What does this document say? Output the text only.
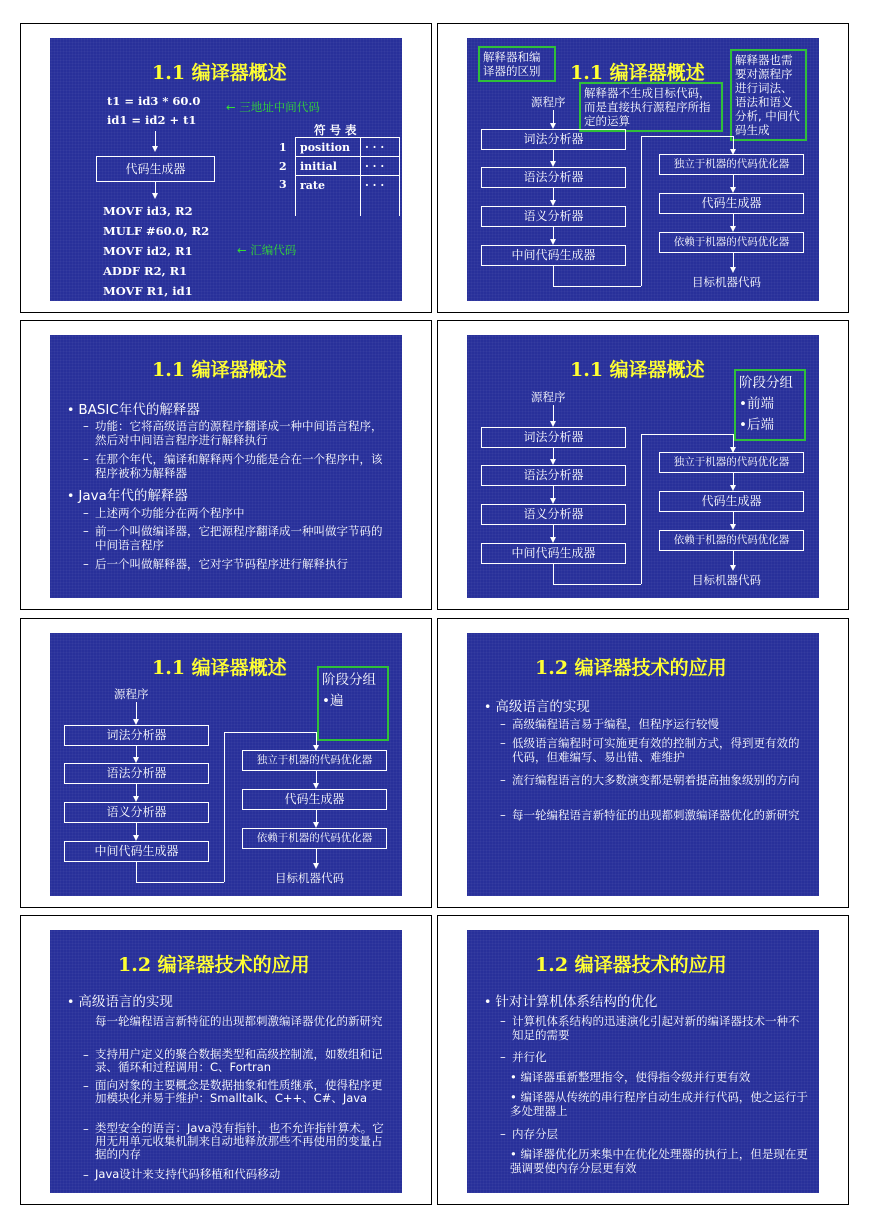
1.1 编译器概述
t1 = id3 * 60.0
id1 = id2 + t1
← 三地址中间代码
代码生成器
符 号 表
1	position	· · ·
2	initial	· · ·
3	rate	· · ·

MOVF id3, R2
MULF #60.0, R2
MOVF id2, R1
ADDF R2, R1
MOVF R1, id1
← 汇编代码
1.1 编译器概述
解释器和编译器的区别
解释器不生成目标代码，而是直接执行源程序所指定的运算
解释器也需要对源程序进行词法、语法和语义分析, 中间代码生成
源程序
词法分析器
语法分析器
语义分析器
中间代码生成器
独立于机器的代码优化器
代码生成器
依赖于机器的代码优化器
目标机器代码
1.1 编译器概述
• BASIC年代的解释器
– 功能：它将高级语言的源程序翻译成一种中间语言程序，然后对中间语言程序进行解释执行
– 在那个年代，编译和解释两个功能是合在一个程序中，该程序被称为解释器
• Java年代的解释器
– 上述两个功能分在两个程序中
– 前一个叫做编译器，它把源程序翻译成一种叫做字节码的中间语言程序
– 后一个叫做解释器，它对字节码程序进行解释执行
1.1 编译器概述
阶段分组
•前端
•后端
源程序
词法分析器
语法分析器
语义分析器
中间代码生成器
独立于机器的代码优化器
代码生成器
依赖于机器的代码优化器
目标机器代码
1.1 编译器概述
阶段分组
•遍
源程序
词法分析器
语法分析器
语义分析器
中间代码生成器
独立于机器的代码优化器
代码生成器
依赖于机器的代码优化器
目标机器代码
1.2 编译器技术的应用
• 高级语言的实现
– 高级编程语言易于编程，但程序运行较慢
– 低级语言编程时可实施更有效的控制方式，得到更有效的代码，但难编写、易出错、难维护
– 流行编程语言的大多数演变都是朝着提高抽象级别的方向
– 每一轮编程语言新特征的出现都刺激编译器优化的新研究
1.2 编译器技术的应用
• 高级语言的实现
每一轮编程语言新特征的出现都刺激编译器优化的新研究
– 支持用户定义的聚合数据类型和高级控制流，如数组和记录、循环和过程调用：C、Fortran
– 面向对象的主要概念是数据抽象和性质继承，使得程序更加模块化并易于维护：Smalltalk、C++、C#、Java
– 类型安全的语言：Java没有指针，也不允许指针算术。它用无用单元收集机制来自动地释放那些不再使用的变量占据的内存
– Java设计来支持代码移植和代码移动
1.2 编译器技术的应用
• 针对计算机体系结构的优化
– 计算机体系结构的迅速演化引起对新的编译器技术一种不知足的需要
– 并行化
• 编译器重新整理指令，使得指令级并行更有效
• 编译器从传统的串行程序自动生成并行代码，使之运行于多处理器上
– 内存分层
• 编译器优化历来集中在优化处理器的执行上，但是现在更强调要使内存分层更有效
